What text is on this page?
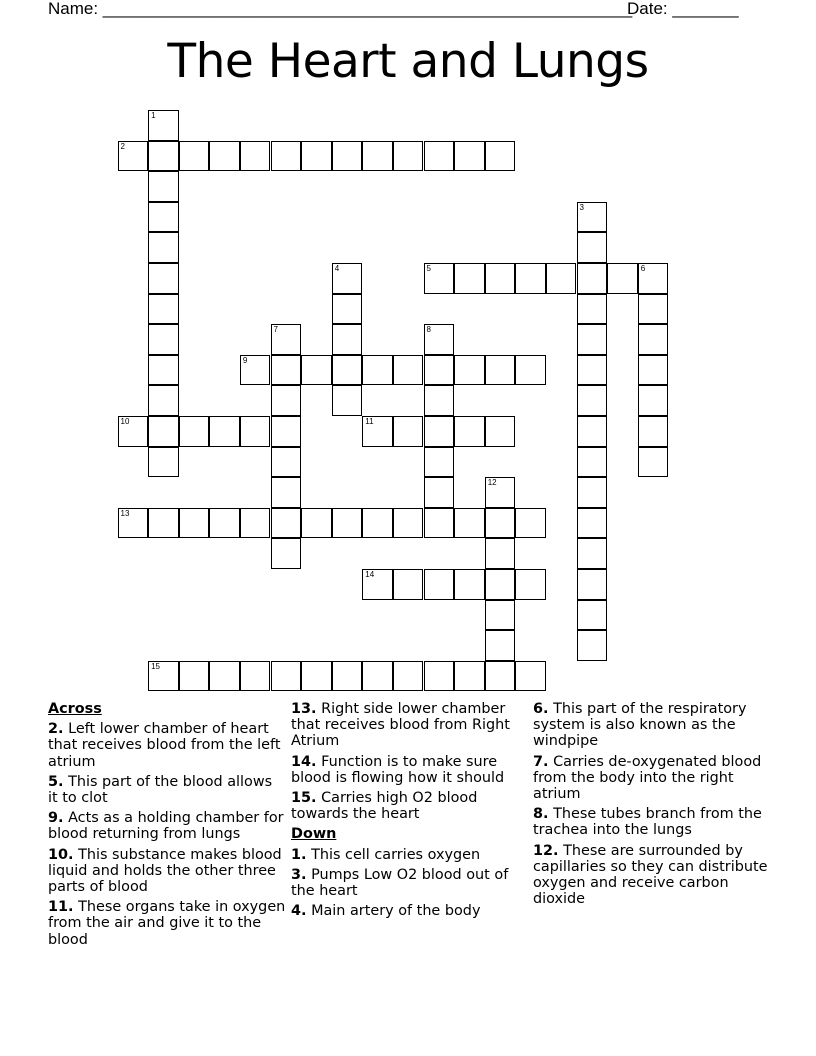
Name: ________________________________________________________
Date: _______
The Heart and Lungs
1
2
3
4	5	6
7	8
9
10	11
12
13
14
15
Across
2. Left lower chamber of heart that receives blood from the left atrium
5. This part of the blood allows it to clot
9. Acts as a holding chamber for blood returning from lungs
10. This substance makes blood liquid and holds the other three parts of blood
11. These organs take in oxygen from the air and give it to the blood
13. Right side lower chamber that receives blood from Right Atrium
14. Function is to make sure blood is flowing how it should
15. Carries high O2 blood towards the heart
Down
1. This cell carries oxygen
3. Pumps Low O2 blood out of the heart
4. Main artery of the body
6. This part of the respiratory system is also known as the windpipe
7. Carries de-oxygenated blood from the body into the right atrium
8. These tubes branch from the trachea into the lungs
12. These are surrounded by capillaries so they can distribute oxygen and receive carbon dioxide
